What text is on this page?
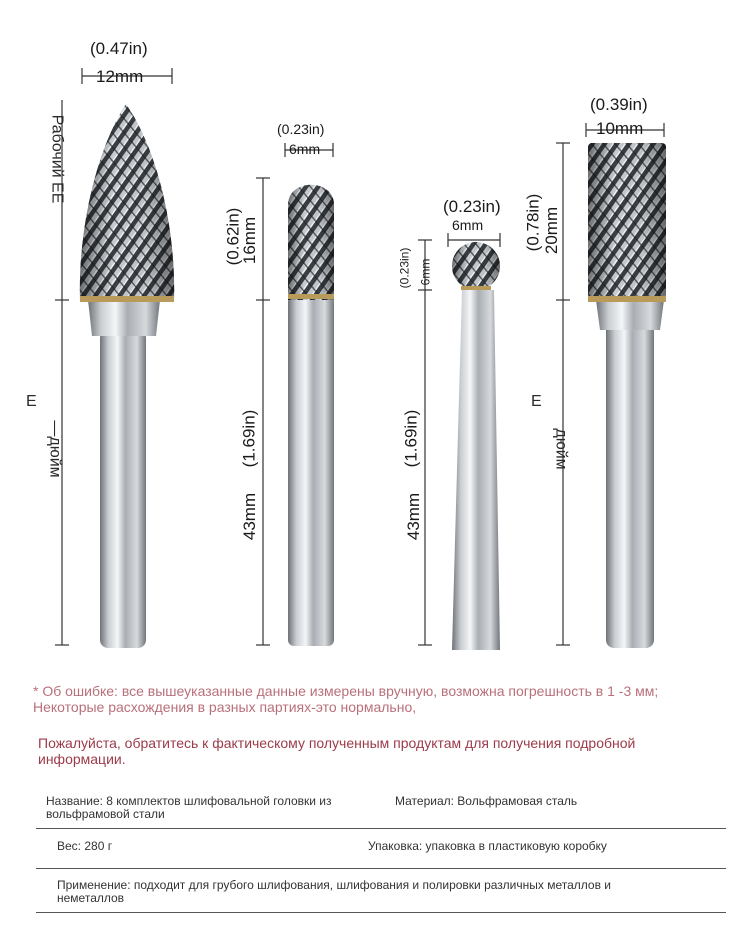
(0.47in)
12mm
Рабочий EE
E
—дюйм
(0.23in)
6mm
(0.62in)
16mm
43mm
(1.69in)
(0.23in)
6mm
(0.23in) 6mm
43mm
(1.69in)
(0.39in)
10mm
(0.78in) 20mm
E
дюйм
* Об ошибке: все вышеуказанные данные измерены вручную, возможна погрешность в 1 -3 мм; Некоторые расхождения в разных партиях-это нормально,
Пожалуйста, обратитесь к фактическому полученным продуктам для получения подробной информации.
Название: 8 комплектов шлифовальной головки из вольфрамовой стали
Материал: Вольфрамовая сталь
Вес: 280 г	Упаковка: упаковка в пластиковую коробку
Применение: подходит для грубого шлифования, шлифования и полировки различных металлов и неметаллов
